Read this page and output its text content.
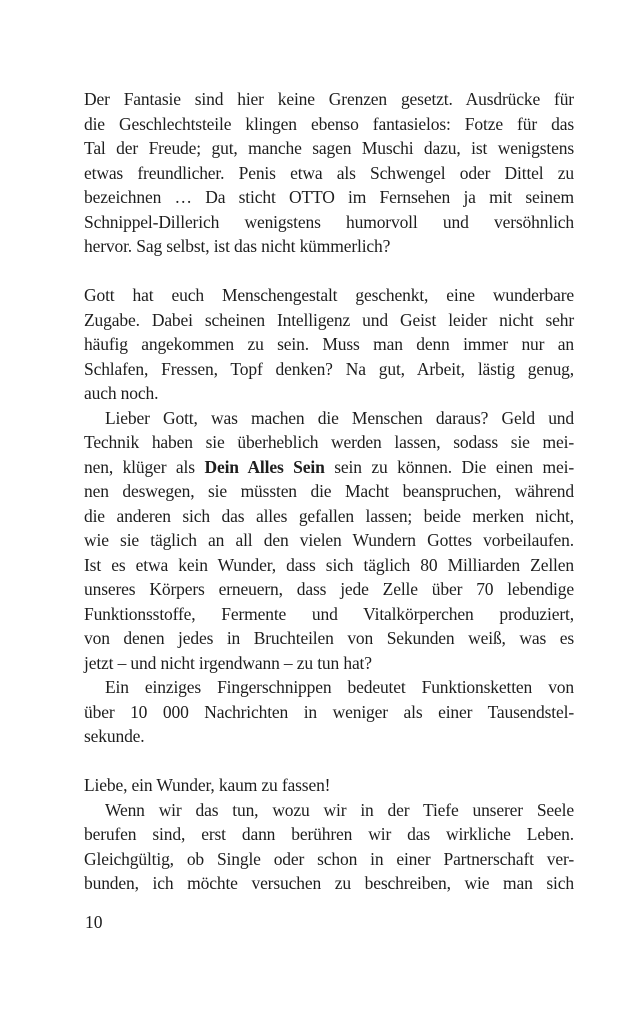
Der Fantasie sind hier keine Grenzen gesetzt. Ausdrücke für
die Geschlechtsteile klingen ebenso fantasielos: Fotze für das
Tal der Freude; gut, manche sagen Muschi dazu, ist wenigstens
etwas freundlicher. Penis etwa als Schwengel oder Dittel zu
bezeichnen … Da sticht OTTO im Fernsehen ja mit seinem
Schnippel-Dillerich wenigstens humorvoll und versöhnlich
hervor. Sag selbst, ist das nicht kümmerlich?
Gott hat euch Menschengestalt geschenkt, eine wunderbare
Zugabe. Dabei scheinen Intelligenz und Geist leider nicht sehr
häufig angekommen zu sein. Muss man denn immer nur an
Schlafen, Fressen, Topf denken? Na gut, Arbeit, lästig genug,
auch noch.
Lieber Gott, was machen die Menschen daraus? Geld und
Technik haben sie überheblich werden lassen, sodass sie mei-
nen, klüger als Dein Alles Sein sein zu können. Die einen mei-
nen deswegen, sie müssten die Macht beanspruchen, während
die anderen sich das alles gefallen lassen; beide merken nicht,
wie sie täglich an all den vielen Wundern Gottes vorbeilaufen.
Ist es etwa kein Wunder, dass sich täglich 80 Milliarden Zellen
unseres Körpers erneuern, dass jede Zelle über 70 lebendige
Funktionsstoffe, Fermente und Vitalkörperchen produziert,
von denen jedes in Bruchteilen von Sekunden weiß, was es
jetzt – und nicht irgendwann – zu tun hat?
Ein einziges Fingerschnippen bedeutet Funktionsketten von
über 10 000 Nachrichten in weniger als einer Tausendstel-
sekunde.
Liebe, ein Wunder, kaum zu fassen!
Wenn wir das tun, wozu wir in der Tiefe unserer Seele
berufen sind, erst dann berühren wir das wirkliche Leben.
Gleichgültig, ob Single oder schon in einer Partnerschaft ver-
bunden, ich möchte versuchen zu beschreiben, wie man sich
10
